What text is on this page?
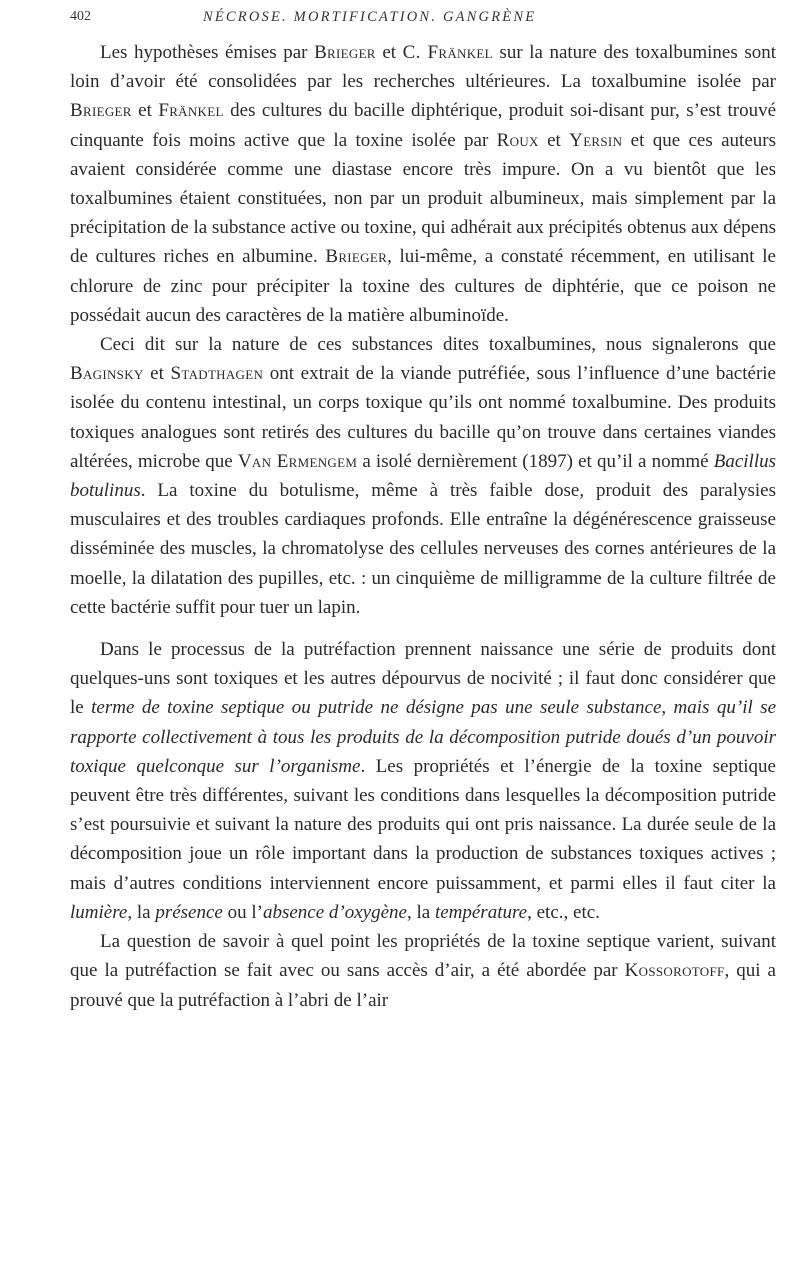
402	NÉCROSE. MORTIFICATION. GANGRÈNE

Les hypothèses émises par Brieger et C. Fränkel sur la nature des toxalbumines sont loin d’avoir été consolidées par les recherches ultérieures. La toxalbumine isolée par Brieger et Fränkel des cultures du bacille diphtérique, produit soi-disant pur, s’est trouvé cinquante fois moins active que la toxine isolée par Roux et Yersin et que ces auteurs avaient considérée comme une diastase encore très impure. On a vu bientôt que les toxalbumines étaient constituées, non par un produit albumineux, mais simplement par la précipitation de la substance active ou toxine, qui adhérait aux précipités obtenus aux dépens de cultures riches en albumine. Brieger, lui-même, a constaté récemment, en utilisant le chlorure de zinc pour précipiter la toxine des cultures de diphtérie, que ce poison ne possédait aucun des caractères de la matière albuminoïde.

Ceci dit sur la nature de ces substances dites toxalbumines, nous signalerons que Baginsky et Stadthagen ont extrait de la viande putréfiée, sous l’influence d’une bactérie isolée du contenu intestinal, un corps toxique qu’ils ont nommé toxalbumine. Des produits toxiques analogues sont retirés des cultures du bacille qu’on trouve dans certaines viandes altérées, microbe que Van Ermengem a isolé dernièrement (1897) et qu’il a nommé Bacillus botulinus. La toxine du botulisme, même à très faible dose, produit des paralysies musculaires et des troubles cardiaques profonds. Elle entraîne la dégénérescence graisseuse disséminée des muscles, la chromatolyse des cellules nerveuses des cornes antérieures de la moelle, la dilatation des pupilles, etc. : un cinquième de milligramme de la culture filtrée de cette bactérie suffit pour tuer un lapin.

Dans le processus de la putréfaction prennent naissance une série de produits dont quelques-uns sont toxiques et les autres dépourvus de nocivité ; il faut donc considérer que le terme de toxine septique ou putride ne désigne pas une seule substance, mais qu’il se rapporte collectivement à tous les produits de la décomposition putride doués d’un pouvoir toxique quelconque sur l’organisme. Les propriétés et l’énergie de la toxine septique peuvent être très différentes, suivant les conditions dans lesquelles la décomposition putride s’est poursuivie et suivant la nature des produits qui ont pris naissance. La durée seule de la décomposition joue un rôle important dans la production de substances toxiques actives ; mais d’autres conditions interviennent encore puissamment, et parmi elles il faut citer la lumière, la présence ou l’absence d’oxygène, la température, etc., etc.

La question de savoir à quel point les propriétés de la toxine septique varient, suivant que la putréfaction se fait avec ou sans accès d’air, a été abordée par Kossorotoff, qui a prouvé que la putréfaction à l’abri de l’air
